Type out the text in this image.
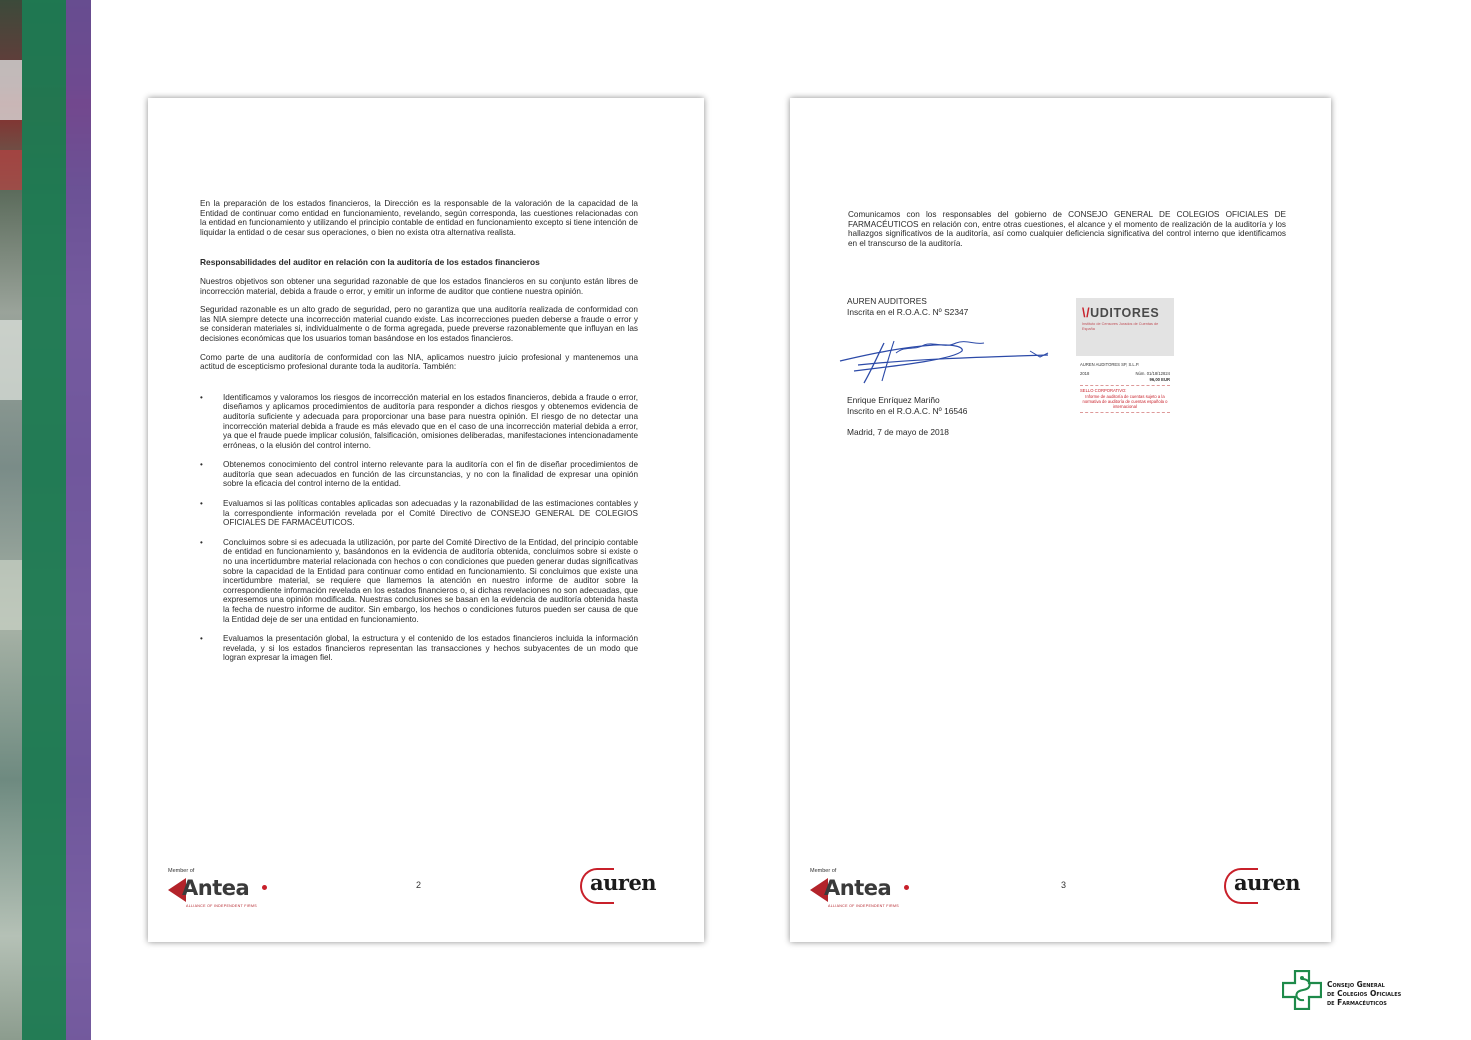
En la preparación de los estados financieros, la Dirección es la responsable de la valoración de la capacidad de la Entidad de continuar como entidad en funcionamiento, revelando, según corresponda, las cuestiones relacionadas con la entidad en funcionamiento y utilizando el principio contable de entidad en funcionamiento excepto si tiene intención de liquidar la entidad o de cesar sus operaciones, o bien no exista otra alternativa realista.

Responsabilidades del auditor en relación con la auditoría de los estados financieros

Nuestros objetivos son obtener una seguridad razonable de que los estados financieros en su conjunto están libres de incorrección material, debida a fraude o error, y emitir un informe de auditor que contiene nuestra opinión.

Seguridad razonable es un alto grado de seguridad, pero no garantiza que una auditoría realizada de conformidad con las NIA siempre detecte una incorrección material cuando existe. Las incorrecciones pueden deberse a fraude o error y se consideran materiales si, individualmente o de forma agregada, puede preverse razonablemente que influyan en las decisiones económicas que los usuarios toman basándose en los estados financieros.

Como parte de una auditoría de conformidad con las NIA, aplicamos nuestro juicio profesional y mantenemos una actitud de escepticismo profesional durante toda la auditoría. También:

• Identificamos y valoramos los riesgos de incorrección material en los estados financieros, debida a fraude o error, diseñamos y aplicamos procedimientos de auditoría para responder a dichos riesgos y obtenemos evidencia de auditoría suficiente y adecuada para proporcionar una base para nuestra opinión. El riesgo de no detectar una incorrección material debida a fraude es más elevado que en el caso de una incorrección material debida a error, ya que el fraude puede implicar colusión, falsificación, omisiones deliberadas, manifestaciones intencionadamente erróneas, o la elusión del control interno.
• Obtenemos conocimiento del control interno relevante para la auditoría con el fin de diseñar procedimientos de auditoría que sean adecuados en función de las circunstancias, y no con la finalidad de expresar una opinión sobre la eficacia del control interno de la entidad.
• Evaluamos si las políticas contables aplicadas son adecuadas y la razonabilidad de las estimaciones contables y la correspondiente información revelada por el Comité Directivo de CONSEJO GENERAL DE COLEGIOS OFICIALES DE FARMACÉUTICOS.
• Concluimos sobre si es adecuada la utilización, por parte del Comité Directivo de la Entidad, del principio contable de entidad en funcionamiento y, basándonos en la evidencia de auditoría obtenida, concluimos sobre si existe o no una incertidumbre material relacionada con hechos o con condiciones que pueden generar dudas significativas sobre la capacidad de la Entidad para continuar como entidad en funcionamiento. Si concluimos que existe una incertidumbre material, se requiere que llamemos la atención en nuestro informe de auditor sobre la correspondiente información revelada en los estados financieros o, si dichas revelaciones no son adecuadas, que expresemos una opinión modificada. Nuestras conclusiones se basan en la evidencia de auditoría obtenida hasta la fecha de nuestro informe de auditor. Sin embargo, los hechos o condiciones futuros pueden ser causa de que la Entidad deje de ser una entidad en funcionamiento.
• Evaluamos la presentación global, la estructura y el contenido de los estados financieros incluida la información revelada, y si los estados financieros representan las transacciones y hechos subyacentes de un modo que logran expresar la imagen fiel.
Member of
Antea
ALLIANCE OF INDEPENDENT FIRMS
2	auren

Comunicamos con los responsables del gobierno de CONSEJO GENERAL DE COLEGIOS OFICIALES DE FARMACÉUTICOS en relación con, entre otras cuestiones, el alcance y el momento de realización de la auditoría y los hallazgos significativos de la auditoría, así como cualquier deficiencia significativa del control interno que identificamos en el transcurso de la auditoría.

AUREN AUDITORES
Inscrita en el R.O.A.C. Nº S2347
Enrique Enríquez Mariño
Inscrito en el R.O.A.C. Nº 16546
Madrid, 7 de mayo de 2018
\/UDITORES
Instituto de Censores Jurados de Cuentas de España
AUREN AUDITORES SP, S.L.P.
2018	Núm. 01/18/12824
96,00 EUR
SELLO CORPORATIVO:
Informe de auditoría de cuentas sujeto a la normativa de auditoría de cuentas española o internacional
Member of
Antea
ALLIANCE OF INDEPENDENT FIRMS
3	auren
Consejo General
de Colegios Oficiales
de Farmacéuticos
